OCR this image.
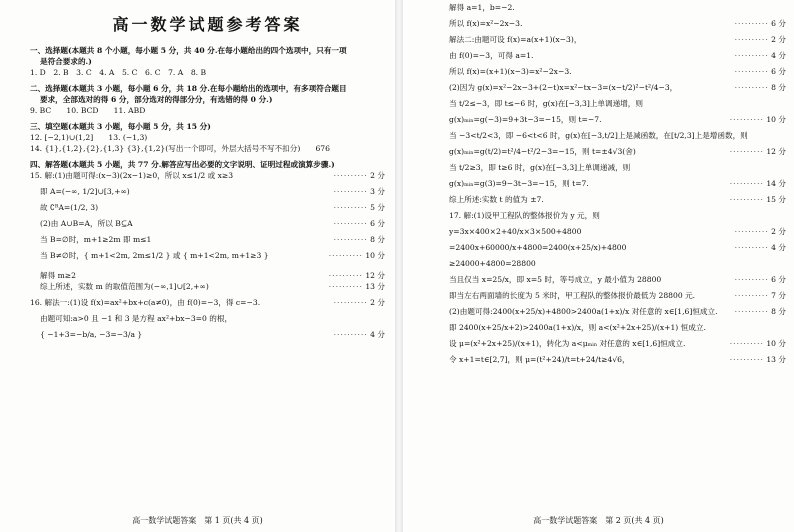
高一数学试题参考答案
一、选择题(本题共 8 个小题，每小题 5 分，共 40 分.在每小题给出的四个选项中，只有一项
是符合要求的.)
1. D　2. B　3. C　4. A　5. C　6. C　7. A　8. B
二、选择题(本题共 3 小题，每小题 6 分，共 18 分.在每小题给出的选项中，有多项符合题目
要求，全部选对的得 6 分，部分选对的得部分分，有选错的得 0 分.)
9. BC　　10. BCD　　11. ABD
三、填空题(本题共 3 小题，每小题 5 分，共 15 分)
12. [−2,1)∪(1,2]　　13. (−1,3)
14. {1},{1,2},{2},{1,3} {3},{1,2}(写出一个即可，外层大括号不写不扣分)　　676
四、解答题(本题共 5 小题，共 77 分.解答应写出必要的文字说明、证明过程或演算步骤.)
15. 解:(1)由题可得:(x−3)(2x−1)≥0，所以 x≤1/2 或 x≥3	·········· 2 分
即 A=(−∞, 1/2]∪[3,+∞)	·········· 3 分
故 ∁ᴿA=(1/2, 3)	·········· 5 分
(2)由 A∪B=A，所以 B⊆A	·········· 6 分
当 B=∅时，m+1≥2m 即 m≤1	·········· 8 分
当 B≠∅时，{ m+1<2m, 2m≤1/2 } 或 { m+1<2m, m+1≥3 }	·········· 10 分
解得 m≥2	·········· 12 分
综上所述，实数 m 的取值范围为(−∞,1]∪[2,+∞)	·········· 13 分
16. 解法一:(1)设 f(x)=ax²+bx+c(a≠0)，由 f(0)=−3，得 c=−3.	·········· 2 分
由题可知:a>0 且 −1 和 3 是方程 ax²+bx−3=0 的根，
{ −1+3=−b/a, −3=−3/a }	·········· 4 分
高一数学试题答案　第 1 页(共 4 页)
解得 a=1，b=−2.
所以 f(x)=x²−2x−3.	·········· 6 分
解法二:由题可设 f(x)=a(x+1)(x−3)，	·········· 2 分
由 f(0)=−3，可得 a=1.	·········· 4 分
所以 f(x)=(x+1)(x−3)=x²−2x−3.	·········· 6 分
(2)因为 g(x)=x²−2x−3+(2−t)x=x²−tx−3=(x−t/2)²−t²/4−3，	·········· 8 分
当 t/2≤−3，即 t≤−6 时，g(x)在[−3,3]上单调递增，则
g(x)ₘᵢₙ=g(−3)=9+3t−3=−15，则 t=−7.	·········· 10 分
当 −3<t/2<3，即 −6<t<6 时，g(x)在[−3,t/2]上是减函数，在[t/2,3]上是增函数，则
g(x)ₘᵢₙ=g(t/2)=t²/4−t²/2−3=−15，则 t=±4√3(舍)	·········· 12 分
当 t/2≥3，即 t≥6 时，g(x)在[−3,3]上单调递减，则
g(x)ₘᵢₙ=g(3)=9−3t−3=−15，则 t=7.	·········· 14 分
综上所述:实数 t 的值为 ±7.	·········· 15 分
17. 解:(1)设甲工程队的整体报价为 y 元，则
y=3x×400×2+40/x×3×500+4800	·········· 2 分
=2400x+60000/x+4800=2400(x+25/x)+4800	·········· 4 分
≥24000+4800=28800
当且仅当 x=25/x，即 x=5 时，等号成立，y 最小值为 28800	·········· 6 分
即当左右两面墙的长度为 5 米时，甲工程队的整体报价最低为 28800 元.	·········· 7 分
(2)由题可得:2400(x+25/x)+4800>2400a(1+x)/x 对任意的 x∈[1,6]恒成立. ·········· 8 分
即 2400(x+25/x+2)>2400a(1+x)/x，则 a<(x²+2x+25)/(x+1) 恒成立.
设 μ=(x²+2x+25)/(x+1)，转化为 a<μₘᵢₙ 对任意的 x∈[1,6]恒成立.	·········· 10 分
令 x+1=t∈[2,7]，则 μ=(t²+24)/t=t+24/t≥4√6，	·········· 13 分
高一数学试题答案　第 2 页(共 4 页)
